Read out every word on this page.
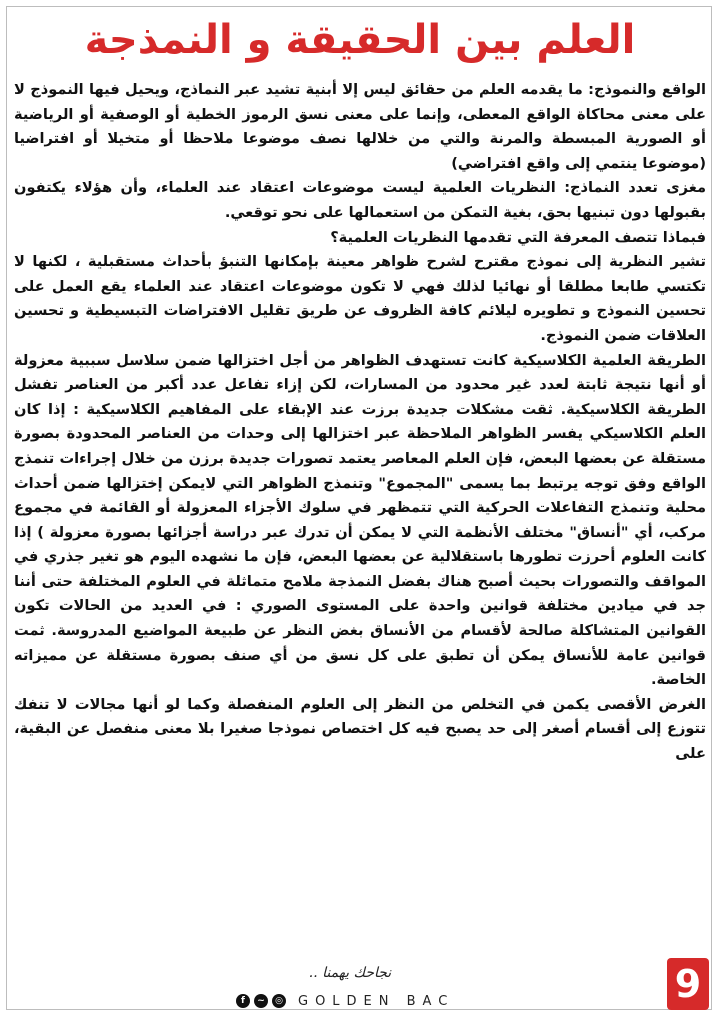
العلم بين الحقيقة و النمذجة

الواقع والنموذج: ما يقدمه العلم من حقائق ليس إلا أبنية تشيد عبر النماذج، ويحيل فيها النموذج لا على معنى محاكاة الواقع المعطى، وإنما على معنى نسق الرموز الخطية أو الوصفية أو الرياضية أو الصورية المبسطة والمرنة والتي من خلالها نصف موضوعا ملاحظا أو متخيلا أو افتراضيا (موضوعا ينتمي إلى واقع افتراضي)

مغزى تعدد النماذج: النظريات العلمية ليست موضوعات اعتقاد عند العلماء، وأن هؤلاء يكتفون بقبولها دون تبنيها بحق، بغية التمكن من استعمالها على نحو توقعي.

فبماذا تتصف المعرفة التي تقدمها النظريات العلمية؟

تشير النظرية إلى نموذج مقترح لشرح ظواهر معينة بإمكانها التنبؤ بأحداث مستقبلية ، لكنها لا تكتسي طابعا مطلقا أو نهائيا لذلك فهي لا تكون موضوعات اعتقاد عند العلماء يقع العمل على تحسين النموذج و تطويره ليلائم كافة الظروف عن طريق تقليل الافتراضات التبسيطية و تحسين العلاقات ضمن النموذج.

الطريقة العلمية الكلاسيكية كانت تستهدف الظواهر من أجل اختزالها ضمن سلاسل سببية معزولة أو أنها نتيجة ثابتة لعدد غير محدود من المسارات، لكن إزاء تفاعل عدد أكبر من العناصر تفشل الطريقة الكلاسيكية. ثقت مشكلات جديدة برزت عند الإبقاء على المفاهيم الكلاسيكية : إذا كان العلم الكلاسيكي يفسر الظواهر الملاحظة عبر اختزالها إلى وحدات من العناصر المحدودة بصورة مستقلة عن بعضها البعض، فإن العلم المعاصر يعتمد تصورات جديدة برزن من خلال إجراءات تنمذج الواقع وفق توجه يرتبط بما يسمى "المجموع" وتنمذج الظواهر التي لايمكن إختزالها ضمن أحداث محلية وتنمذج التفاعلات الحركية التي تتمظهر في سلوك الأجزاء المعزولة أو القائمة في مجموع مركب، أي "أنساق" مختلف الأنظمة التي لا يمكن أن تدرك عبر دراسة أجزائها بصورة معزولة ) إذا كانت العلوم أحرزت تطورها باستقلالية عن بعضها البعض، فإن ما نشهده اليوم هو تغير جذري في المواقف والتصورات بحيث أصبح هناك بفضل النمذجة ملامح متماثلة في العلوم المختلفة حتى أننا جد في ميادين مختلفة قوانين واحدة على المستوى الصوري : في العديد من الحالات تكون القوانين المتشاكلة صالحة لأقسام من الأنساق بغض النظر عن طبيعة المواضيع المدروسة. ثمت قوانين عامة للأنساق يمكن أن تطبق على كل نسق من أي صنف بصورة مستقلة عن مميزاته الخاصة.

الغرض الأقصى يكمن في التخلص من النظر إلى العلوم المنفصلة وكما لو أنها مجالات لا تنفك تتوزع إلى أقسام أصغر إلى حد يصبح فيه كل اختصاص نموذجا صغيرا بلا معنى منفصل عن البقية، على

نجاحك يهمنا ..
f	~	◎ GOLDEN BAC	9
